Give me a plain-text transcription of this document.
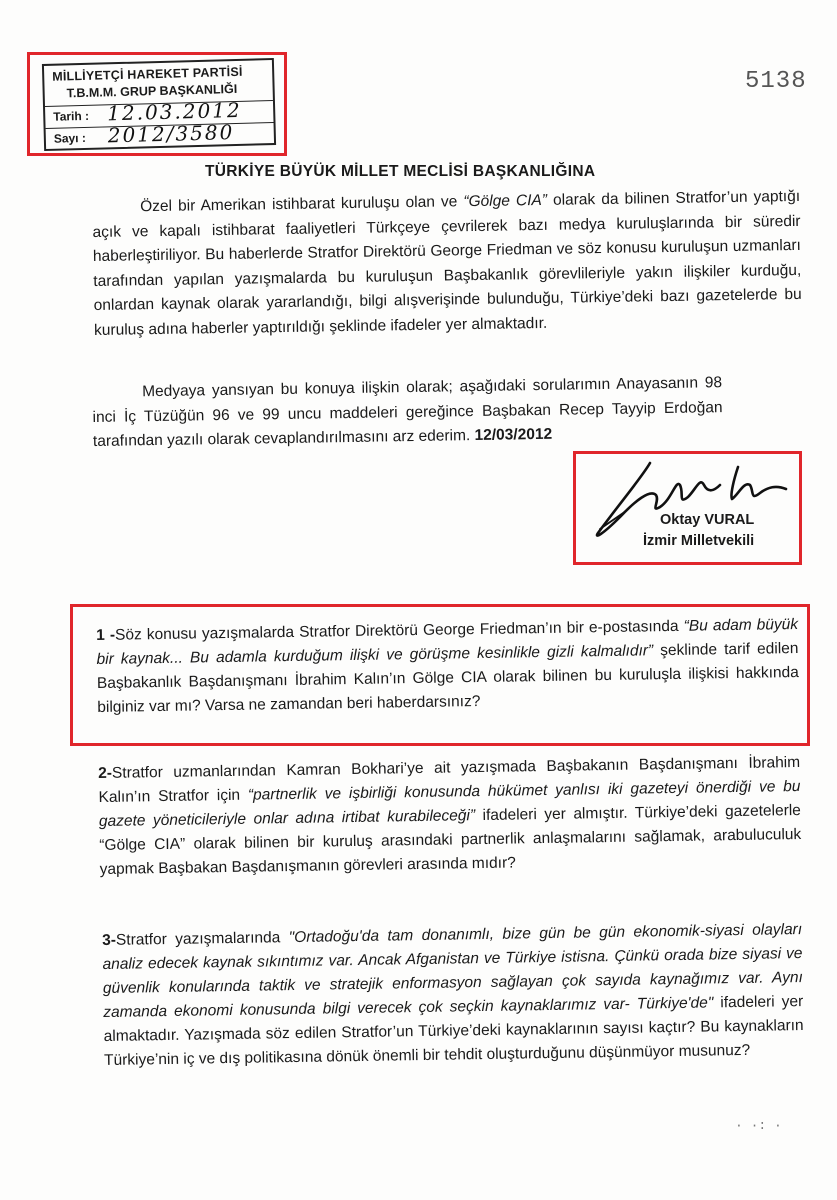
MİLLİYETÇİ HAREKET PARTİSİ
T.B.M.M. GRUP BAŞKANLIĞI
Tarih : 12.03.2012
Sayı : 2012/3580
5138
TÜRKİYE BÜYÜK MİLLET MECLİSİ BAŞKANLIĞINA

Özel bir Amerikan istihbarat kuruluşu olan ve “Gölge CIA” olarak da bilinen Stratfor’un yaptığı açık ve kapalı istihbarat faaliyetleri Türkçeye çevrilerek bazı medya kuruluşlarında bir süredir haberleştiriliyor. Bu haberlerde Stratfor Direktörü George Friedman ve söz konusu kuruluşun uzmanları tarafından yapılan yazışmalarda bu kuruluşun Başbakanlık görevlileriyle yakın ilişkiler kurduğu, onlardan kaynak olarak yararlandığı, bilgi alışverişinde bulunduğu, Türkiye’deki bazı gazetelerde bu kuruluş adına haberler yaptırıldığı şeklinde ifadeler yer almaktadır.

Medyaya yansıyan bu konuya ilişkin olarak; aşağıdaki sorularımın Anayasanın 98 inci İç Tüzüğün 96 ve 99 uncu maddeleri gereğince Başbakan Recep Tayyip Erdoğan tarafından yazılı olarak cevaplandırılmasını arz ederim. 12/03/2012

Oktay VURAL
İzmir Milletvekili

1 -Söz konusu yazışmalarda Stratfor Direktörü George Friedman’ın bir e-postasında “Bu adam büyük bir kaynak... Bu adamla kurduğum ilişki ve görüşme kesinlikle gizli kalmalıdır” şeklinde tarif edilen Başbakanlık Başdanışmanı İbrahim Kalın’ın Gölge CIA olarak bilinen bu kuruluşla ilişkisi hakkında bilginiz var mı? Varsa ne zamandan beri haberdarsınız?

2-Stratfor uzmanlarından Kamran Bokhari’ye ait yazışmada Başbakanın Başdanışmanı İbrahim Kalın’ın Stratfor için “partnerlik ve işbirliği konusunda hükümet yanlısı iki gazeteyi önerdiği ve bu gazete yöneticileriyle onlar adına irtibat kurabileceği” ifadeleri yer almıştır. Türkiye’deki gazetelerle “Gölge CIA” olarak bilinen bir kuruluş arasındaki partnerlik anlaşmalarını sağlamak, arabuluculuk yapmak Başbakan Başdanışmanın görevleri arasında mıdır?

3-Stratfor yazışmalarında "Ortadoğu'da tam donanımlı, bize gün be gün ekonomik-siyasi olayları analiz edecek kaynak sıkıntımız var. Ancak Afganistan ve Türkiye istisna. Çünkü orada bize siyasi ve güvenlik konularında taktik ve stratejik enformasyon sağlayan çok sayıda kaynağımız var. Aynı zamanda ekonomi konusunda bilgi verecek çok seçkin kaynaklarımız var- Türkiye'de" ifadeleri yer almaktadır. Yazışmada söz edilen Stratfor’un Türkiye’deki kaynaklarının sayısı kaçtır? Bu kaynakların Türkiye’nin iç ve dış politikasına dönük önemli bir tehdit oluşturduğunu düşünmüyor musunuz?

· ·: ·
